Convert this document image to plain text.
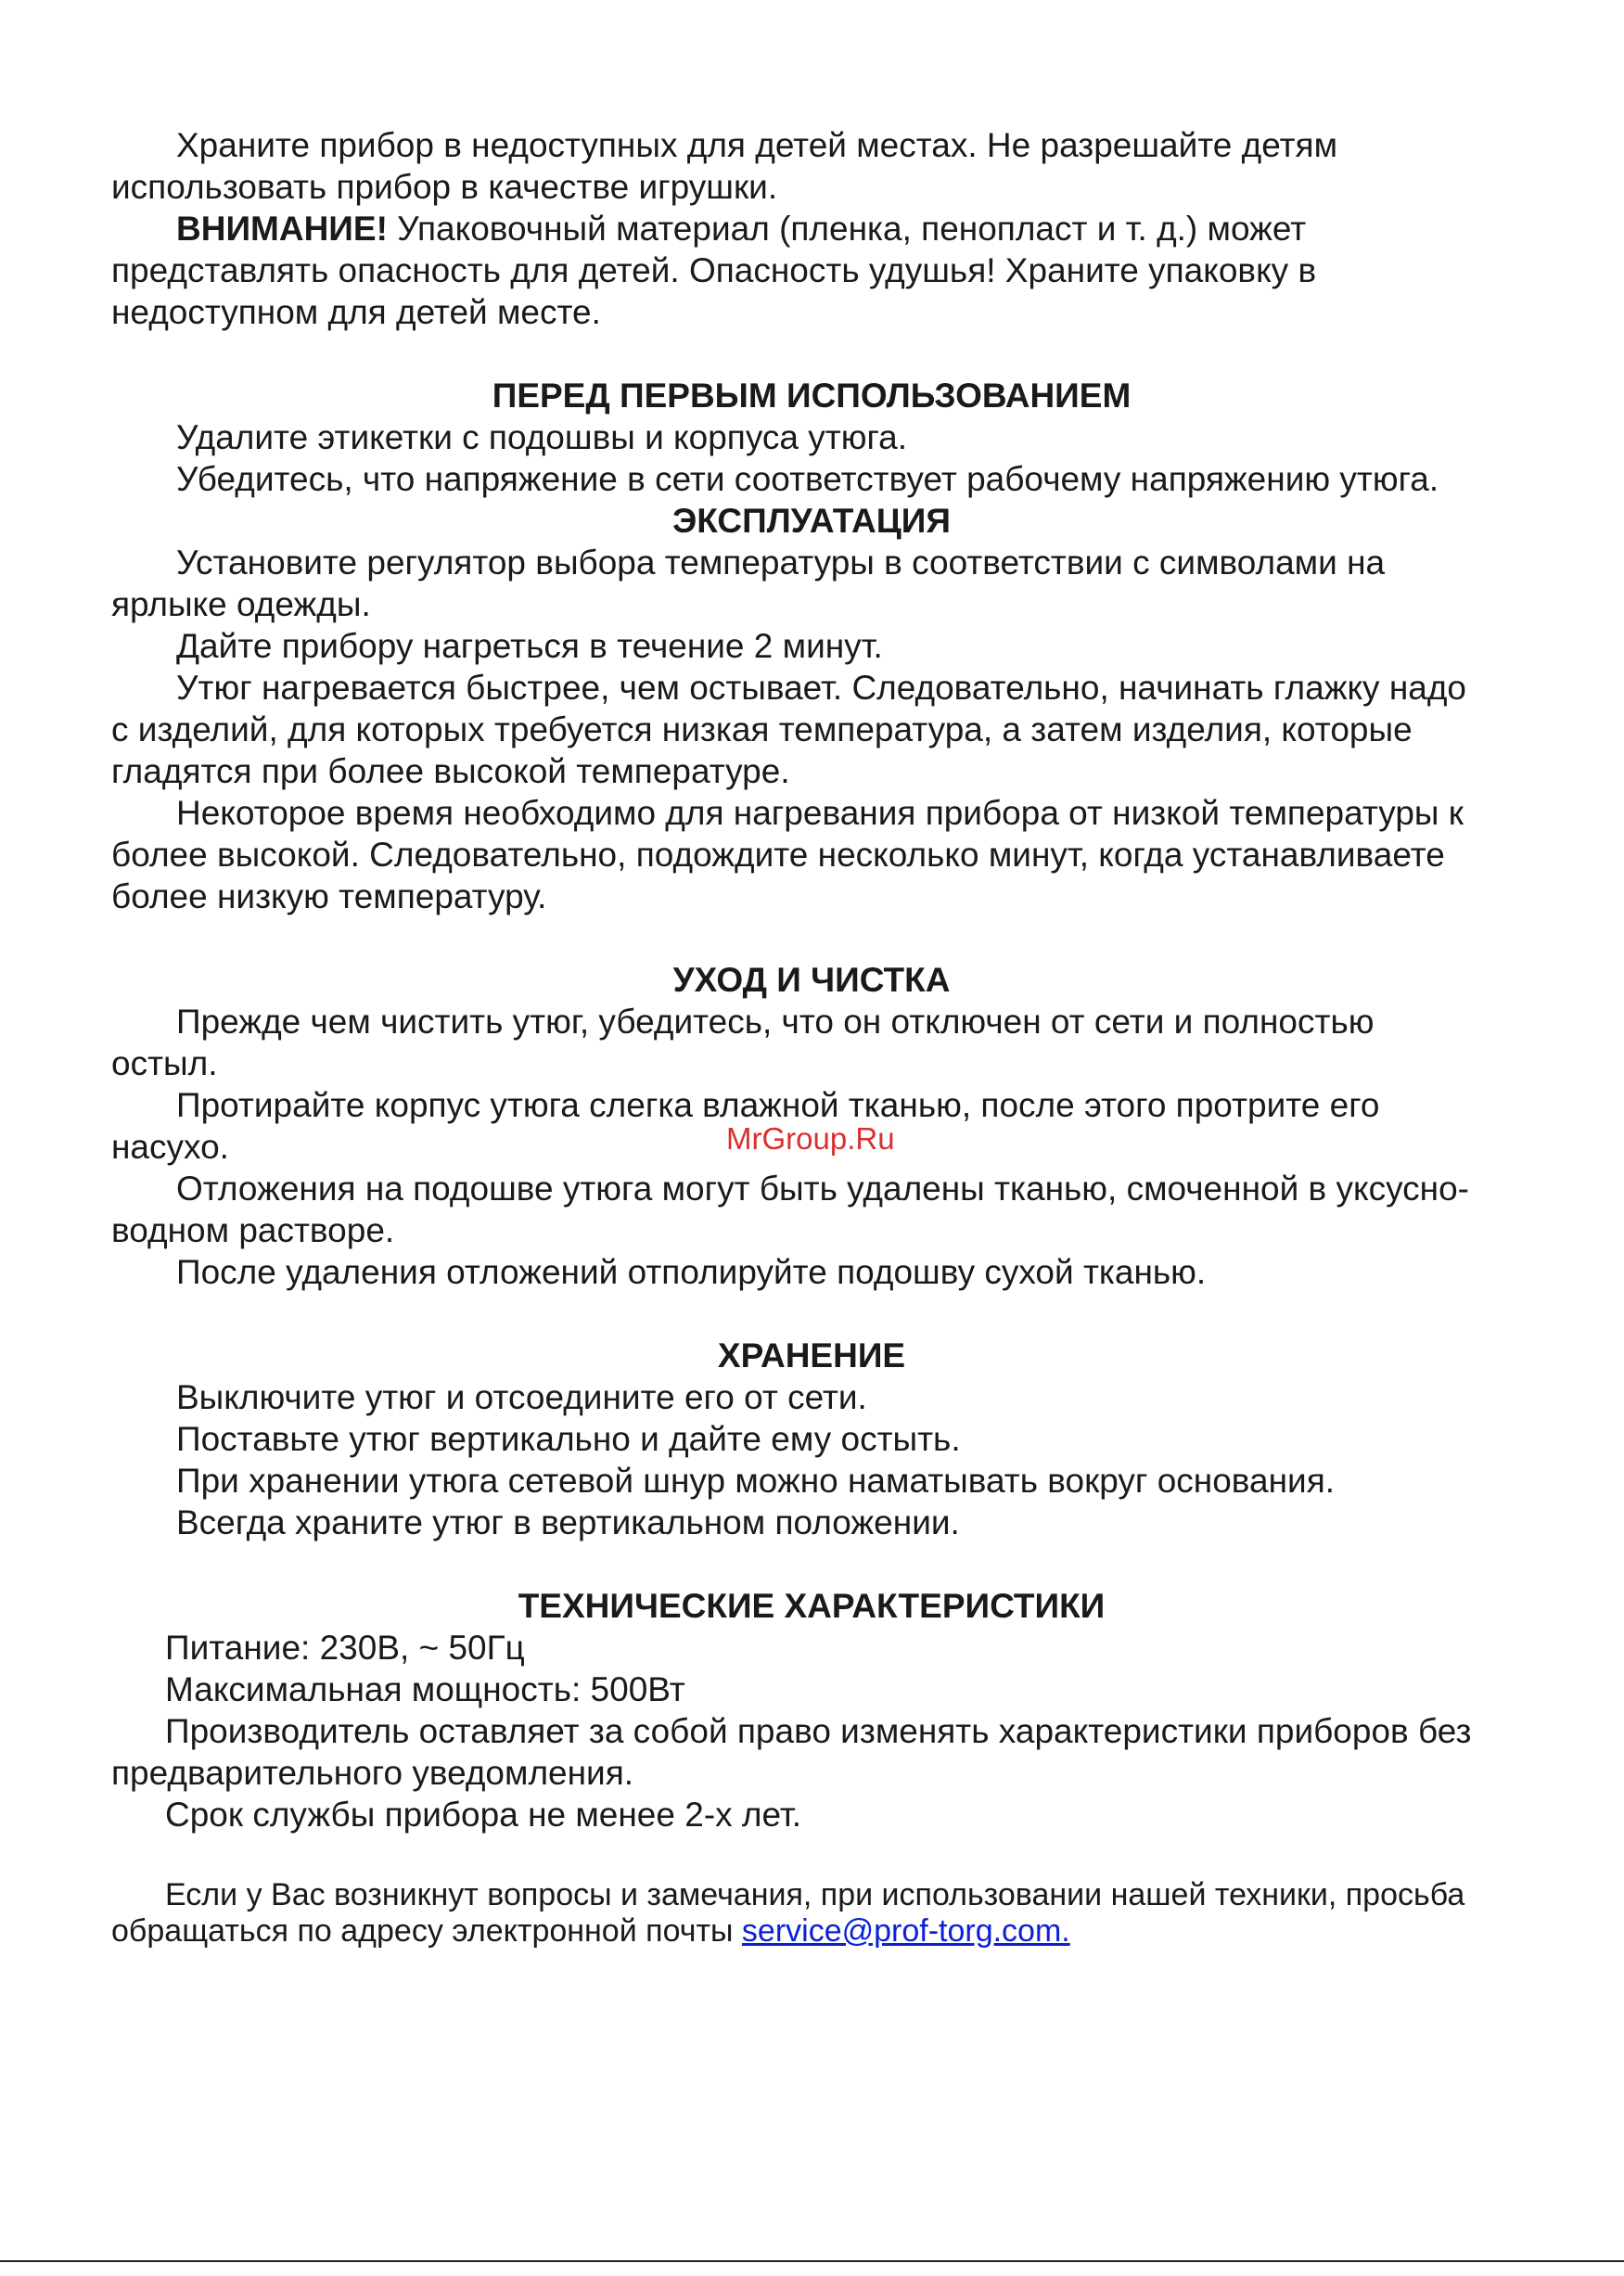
Храните прибор в недоступных для детей местах. Не разрешайте детям использовать прибор в качестве игрушки.

ВНИМАНИЕ! Упаковочный материал (пленка, пенопласт и т. д.) может представлять опасность для детей. Опасность удушья! Храните упаковку в недоступном для детей месте.

ПЕРЕД ПЕРВЫМ ИСПОЛЬЗОВАНИЕМ

Удалите этикетки с подошвы и корпуса утюга.

Убедитесь, что напряжение в сети соответствует рабочему напряжению утюга.

ЭКСПЛУАТАЦИЯ

Установите регулятор выбора температуры в соответствии с символами на ярлыке одежды.

Дайте прибору нагреться в течение 2 минут.

Утюг нагревается быстрее, чем остывает. Следовательно, начинать глажку надо с изделий, для которых требуется низкая температура, а затем изделия, которые гладятся при более высокой температуре.

Некоторое время необходимо для нагревания прибора от низкой температуры к более высокой. Следовательно, подождите несколько минут, когда устанавливаете более низкую температуру.

УХОД И ЧИСТКА

Прежде чем чистить утюг, убедитесь, что он отключен от сети и полностью остыл.

Протирайте корпус утюга слегка влажной тканью, после этого протрите его насухо.

Отложения на подошве утюга могут быть удалены тканью, смоченной в уксусно-водном растворе.

После удаления отложений отполируйте подошву сухой тканью.

ХРАНЕНИЕ

Выключите утюг и отсоедините его от сети.

Поставьте утюг вертикально и дайте ему остыть.

При хранении утюга сетевой шнур можно наматывать вокруг основания.

Всегда храните утюг в вертикальном положении.

ТЕХНИЧЕСКИЕ ХАРАКТЕРИСТИКИ

Питание: 230В, ~ 50Гц

Максимальная мощность: 500Вт

Производитель оставляет за собой право изменять характеристики приборов без предварительного уведомления.

Срок службы прибора не менее 2-х лет.

Если у Вас возникнут вопросы и замечания, при использовании нашей техники, просьба обращаться по адресу электронной почты service@prof-torg.com.

MrGroup.Ru
